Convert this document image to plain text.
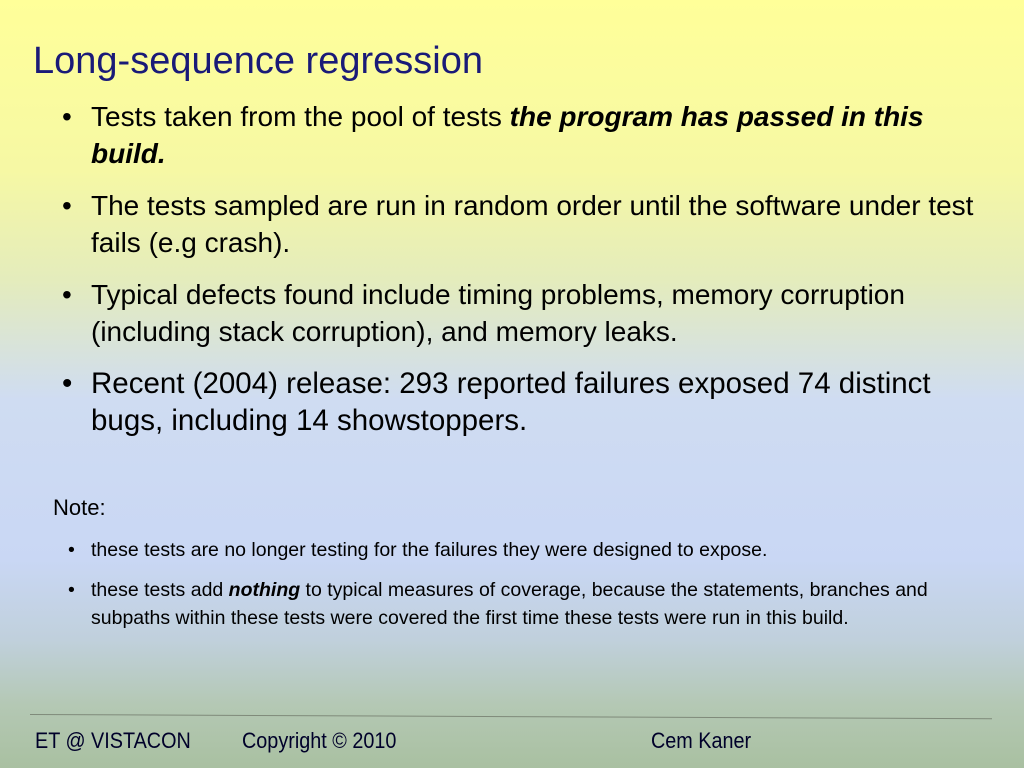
Long-sequence regression
• Tests taken from the pool of tests the program has passed in this build.
• The tests sampled are run in random order until the software under test fails (e.g crash).
• Typical defects found include timing problems, memory corruption (including stack corruption), and memory leaks.
• Recent (2004) release: 293 reported failures exposed 74 distinct bugs, including 14 showstoppers.
Note:
• these tests are no longer testing for the failures they were designed to expose.
• these tests add nothing to typical measures of coverage, because the statements, branches and subpaths within these tests were covered the first time these tests were run in this build.
ET @ VISTACON Copyright © 2010	Cem Kaner
